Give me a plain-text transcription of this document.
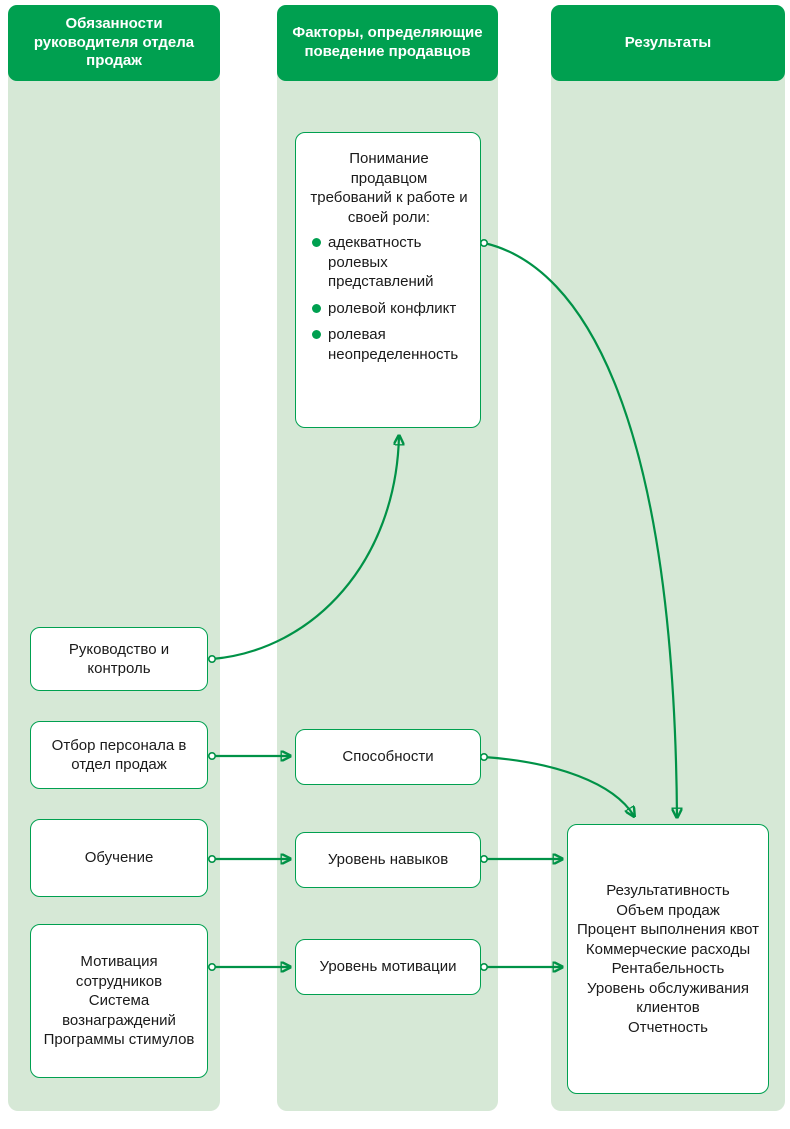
Обязанности руководителя отдела продаж
Факторы, определяющие поведение продавцов
Результаты
Руководство и контроль
Отбор персонала в отдел продаж
Обучение
Мотивация сотрудников
Система вознаграждений
Программы стимулов
Понимание продавцом требований к работе и своей роли:
адекватность ролевых представлений
ролевой конфликт
ролевая неопределенность
Способности
Уровень навыков
Уровень мотивации
Результативность
Объем продаж
Процент выполнения квот
Коммерческие расходы
Рентабельность
Уровень обслуживания клиентов
Отчетность
